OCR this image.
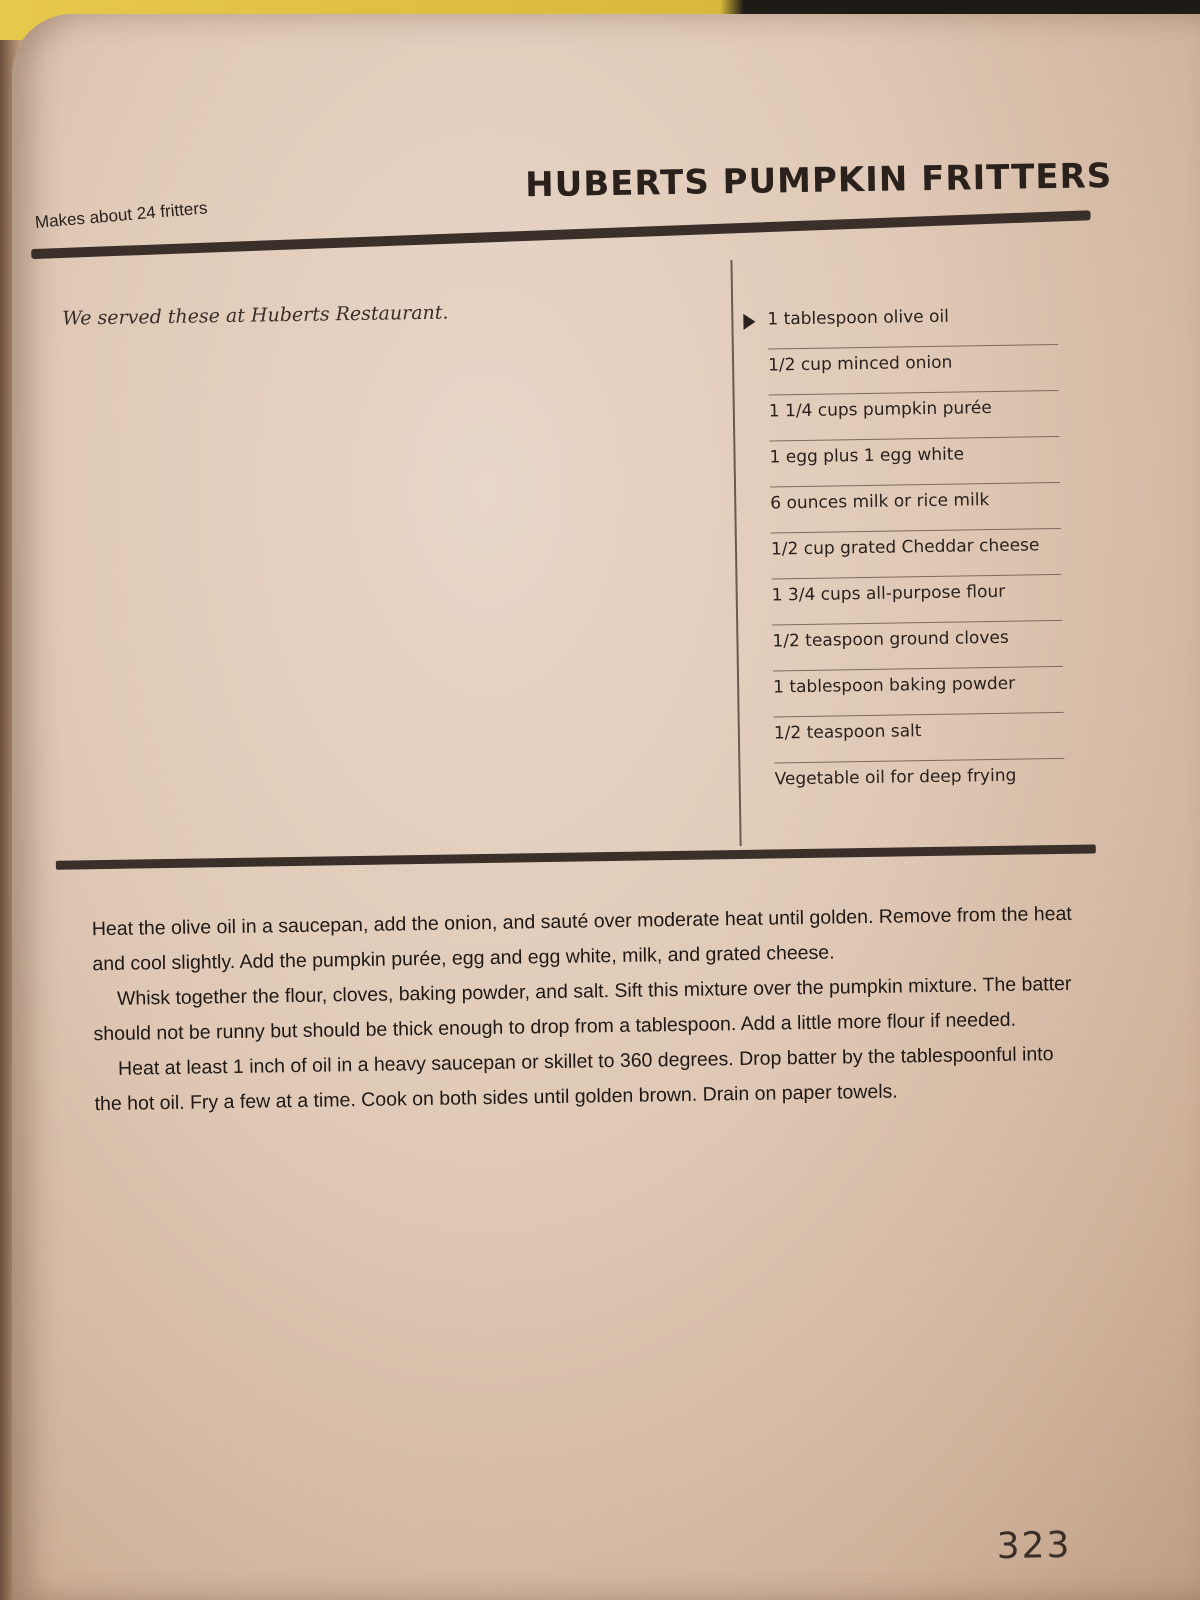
Makes about 24 fritters
HUBERTS PUMPKIN FRITTERS
We served these at Huberts Restaurant.	1 tablespoon olive oil
1/2 cup minced onion
1 1/4 cups pumpkin purée
1 egg plus 1 egg white
6 ounces milk or rice milk
1/2 cup grated Cheddar cheese
1 3/4 cups all-purpose flour
1/2 teaspoon ground cloves
1 tablespoon baking powder
1/2 teaspoon salt
Vegetable oil for deep frying

Heat the olive oil in a saucepan, add the onion, and sauté over moderate heat until golden. Remove from the heat and cool slightly. Add the pumpkin purée, egg and egg white, milk, and grated cheese.

Whisk together the flour, cloves, baking powder, and salt. Sift this mixture over the pumpkin mixture. The batter should not be runny but should be thick enough to drop from a tablespoon. Add a little more flour if needed.

Heat at least 1 inch of oil in a heavy saucepan or skillet to 360 degrees. Drop batter by the tablespoonful into the hot oil. Fry a few at a time. Cook on both sides until golden brown. Drain on paper towels.

323
